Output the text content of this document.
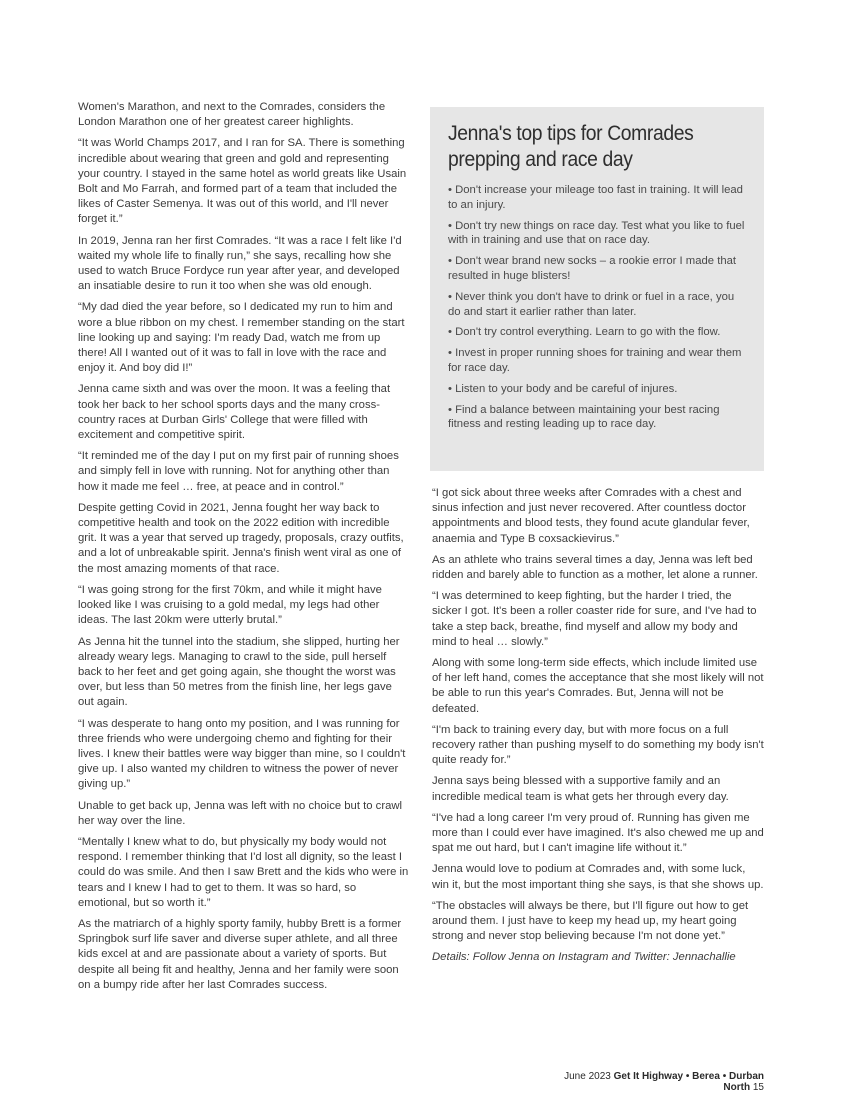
Women's Marathon, and next to the Comrades, considers the London Marathon one of her greatest career highlights.

“It was World Champs 2017, and I ran for SA. There is something incredible about wearing that green and gold and representing your country. I stayed in the same hotel as world greats like Usain Bolt and Mo Farrah, and formed part of a team that included the likes of Caster Semenya. It was out of this world, and I'll never forget it.”

In 2019, Jenna ran her first Comrades. “It was a race I felt like I'd waited my whole life to finally run,” she says, recalling how she used to watch Bruce Fordyce run year after year, and developed an insatiable desire to run it too when she was old enough.

“My dad died the year before, so I dedicated my run to him and wore a blue ribbon on my chest. I remember standing on the start line looking up and saying: I'm ready Dad, watch me from up there! All I wanted out of it was to fall in love with the race and enjoy it. And boy did I!”

Jenna came sixth and was over the moon. It was a feeling that took her back to her school sports days and the many cross-country races at Durban Girls' College that were filled with excitement and competitive spirit.

“It reminded me of the day I put on my first pair of running shoes and simply fell in love with running. Not for anything other than how it made me feel … free, at peace and in control.”

Despite getting Covid in 2021, Jenna fought her way back to competitive health and took on the 2022 edition with incredible grit. It was a year that served up tragedy, proposals, crazy outfits, and a lot of unbreakable spirit. Jenna's finish went viral as one of the most amazing moments of that race.

“I was going strong for the first 70km, and while it might have looked like I was cruising to a gold medal, my legs had other ideas. The last 20km were utterly brutal.”

As Jenna hit the tunnel into the stadium, she slipped, hurting her already weary legs. Managing to crawl to the side, pull herself back to her feet and get going again, she thought the worst was over, but less than 50 metres from the finish line, her legs gave out again.

“I was desperate to hang onto my position, and I was running for three friends who were undergoing chemo and fighting for their lives. I knew their battles were way bigger than mine, so I couldn't give up. I also wanted my children to witness the power of never giving up.”

Unable to get back up, Jenna was left with no choice but to crawl her way over the line.

“Mentally I knew what to do, but physically my body would not respond. I remember thinking that I'd lost all dignity, so the least I could do was smile. And then I saw Brett and the kids who were in tears and I knew I had to get to them. It was so hard, so emotional, but so worth it.”

As the matriarch of a highly sporty family, hubby Brett is a former Springbok surf life saver and diverse super athlete, and all three kids excel at and are passionate about a variety of sports. But despite all being fit and healthy, Jenna and her family were soon on a bumpy ride after her last Comrades success.

Jenna's top tips for Comrades prepping and race day
• Don't increase your mileage too fast in training. It will lead to an injury.
• Don't try new things on race day. Test what you like to fuel with in training and use that on race day.
• Don't wear brand new socks – a rookie error I made that resulted in huge blisters!
• Never think you don't have to drink or fuel in a race, you do and start it earlier rather than later.
• Don't try control everything. Learn to go with the flow.
• Invest in proper running shoes for training and wear them for race day.
• Listen to your body and be careful of injures.
• Find a balance between maintaining your best racing fitness and resting leading up to race day.

“I got sick about three weeks after Comrades with a chest and sinus infection and just never recovered. After countless doctor appointments and blood tests, they found acute glandular fever, anaemia and Type B coxsackievirus.”

As an athlete who trains several times a day, Jenna was left bed ridden and barely able to function as a mother, let alone a runner.

“I was determined to keep fighting, but the harder I tried, the sicker I got. It's been a roller coaster ride for sure, and I've had to take a step back, breathe, find myself and allow my body and mind to heal … slowly.”

Along with some long-term side effects, which include limited use of her left hand, comes the acceptance that she most likely will not be able to run this year's Comrades. But, Jenna will not be defeated.

“I'm back to training every day, but with more focus on a full recovery rather than pushing myself to do something my body isn't quite ready for.”

Jenna says being blessed with a supportive family and an incredible medical team is what gets her through every day.

“I've had a long career I'm very proud of. Running has given me more than I could ever have imagined. It's also chewed me up and spat me out hard, but I can't imagine life without it.”

Jenna would love to podium at Comrades and, with some luck, win it, but the most important thing she says, is that she shows up.

“The obstacles will always be there, but I'll figure out how to get around them. I just have to keep my head up, my heart going strong and never stop believing because I'm not done yet.”

Details: Follow Jenna on Instagram and Twitter: Jennachallie

June 2023 Get It Highway • Berea • Durban North 15
